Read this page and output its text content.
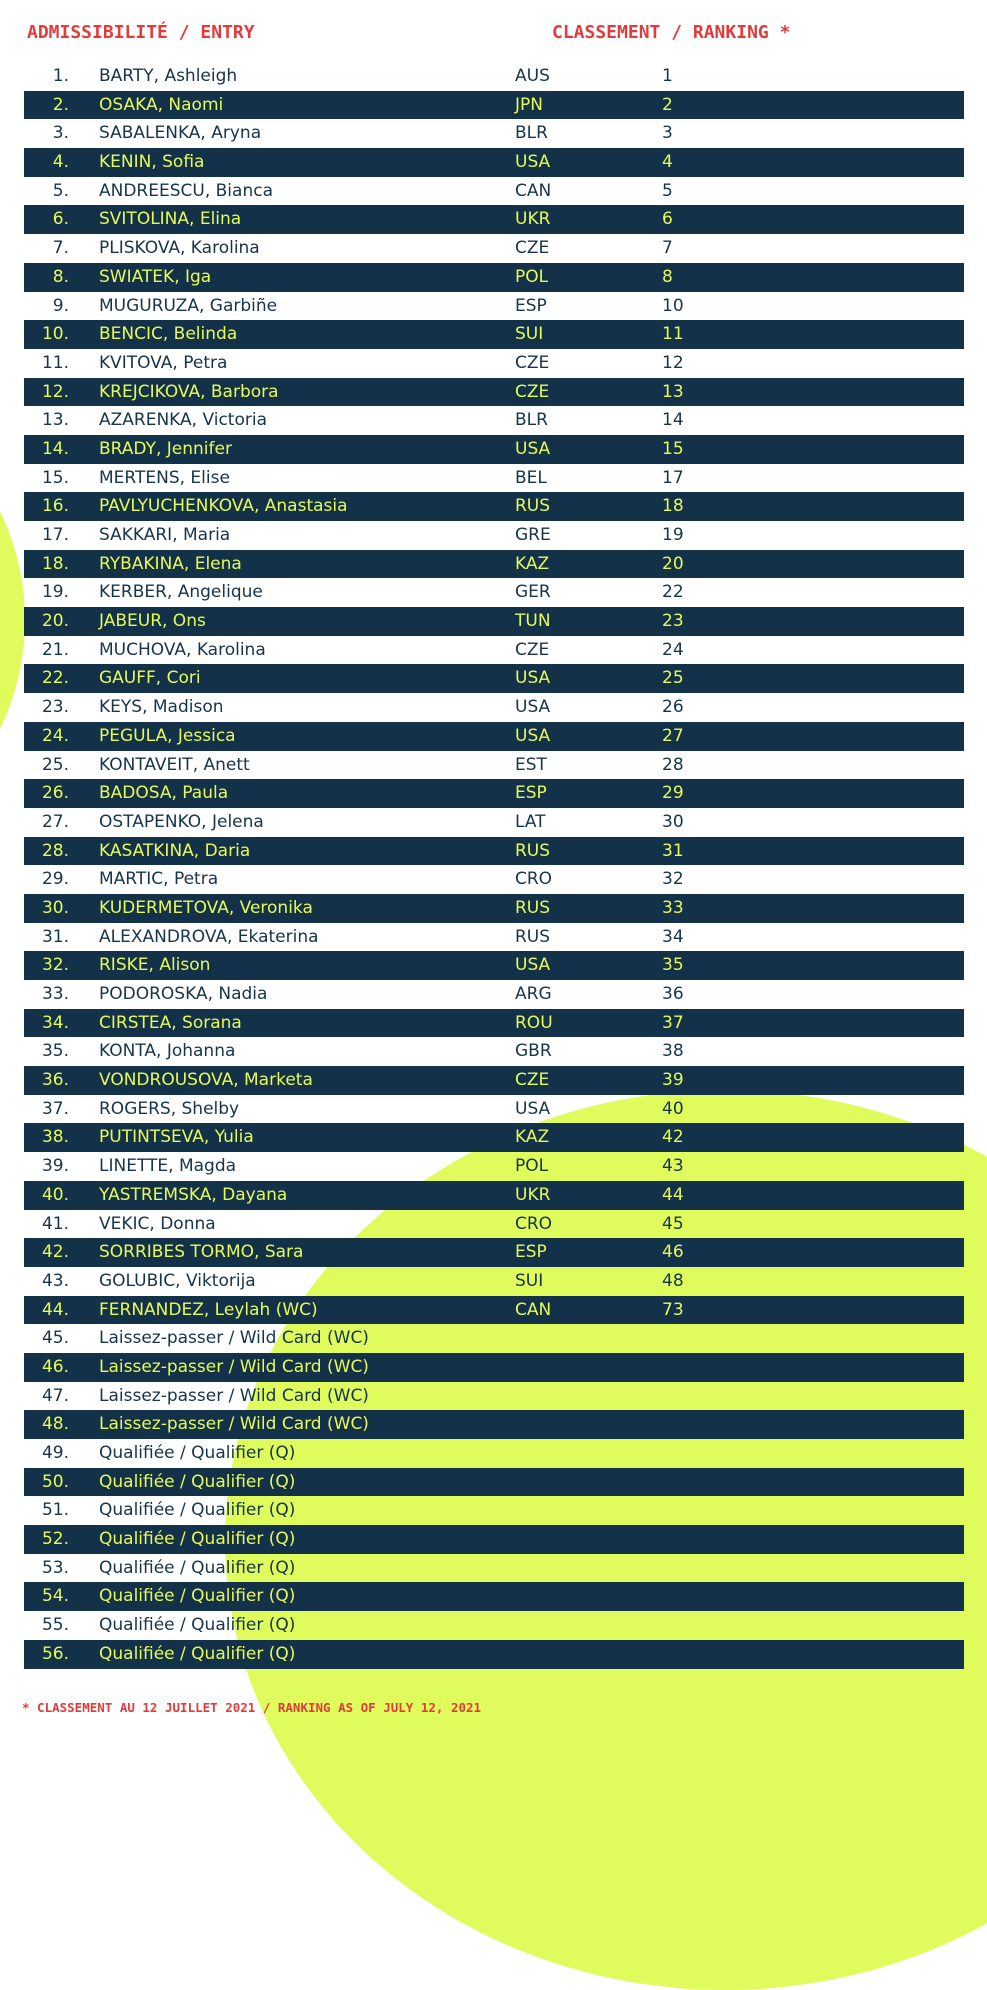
ADMISSIBILITÉ / ENTRY	CLASSEMENT / RANKING *
1. BARTY, Ashleigh	AUS	1
2. OSAKA, Naomi	JPN	2
3. SABALENKA, Aryna	BLR	3
4. KENIN, Sofia	USA	4
5. ANDREESCU, Bianca	CAN	5
6. SVITOLINA, Elina	UKR	6
7. PLISKOVA, Karolina	CZE	7
8. SWIATEK, Iga	POL	8
9. MUGURUZA, Garbiñe	ESP	10
10. BENCIC, Belinda	SUI	11
11. KVITOVA, Petra	CZE	12
12. KREJCIKOVA, Barbora	CZE	13
13. AZARENKA, Victoria	BLR	14
14. BRADY, Jennifer	USA	15
15. MERTENS, Elise	BEL	17
16. PAVLYUCHENKOVA, Anastasia	RUS	18
17. SAKKARI, Maria	GRE	19
18. RYBAKINA, Elena	KAZ	20
19. KERBER, Angelique	GER	22
20. JABEUR, Ons	TUN	23
21. MUCHOVA, Karolina	CZE	24
22. GAUFF, Cori	USA	25
23. KEYS, Madison	USA	26
24. PEGULA, Jessica	USA	27
25. KONTAVEIT, Anett	EST	28
26. BADOSA, Paula	ESP	29
27. OSTAPENKO, Jelena	LAT	30
28. KASATKINA, Daria	RUS	31
29. MARTIC, Petra	CRO	32
30. KUDERMETOVA, Veronika	RUS	33
31. ALEXANDROVA, Ekaterina	RUS	34
32. RISKE, Alison	USA	35
33. PODOROSKA, Nadia	ARG	36
34. CIRSTEA, Sorana	ROU	37
35. KONTA, Johanna	GBR	38
36. VONDROUSOVA, Marketa	CZE	39
37. ROGERS, Shelby	USA	40
38. PUTINTSEVA, Yulia	KAZ	42
39. LINETTE, Magda	POL	43
40. YASTREMSKA, Dayana	UKR	44
41. VEKIC, Donna	CRO	45
42. SORRIBES TORMO, Sara	ESP	46
43. GOLUBIC, Viktorija	SUI	48
44. FERNANDEZ, Leylah (WC)	CAN	73
45. Laissez-passer / Wild Card (WC)
46. Laissez-passer / Wild Card (WC)
47. Laissez-passer / Wild Card (WC)
48. Laissez-passer / Wild Card (WC)
49. Qualifiée / Qualifier (Q)
50. Qualifiée / Qualifier (Q)
51. Qualifiée / Qualifier (Q)
52. Qualifiée / Qualifier (Q)
53. Qualifiée / Qualifier (Q)
54. Qualifiée / Qualifier (Q)
55. Qualifiée / Qualifier (Q)
56. Qualifiée / Qualifier (Q)
* CLASSEMENT AU 12 JUILLET 2021 / RANKING AS OF JULY 12, 2021
